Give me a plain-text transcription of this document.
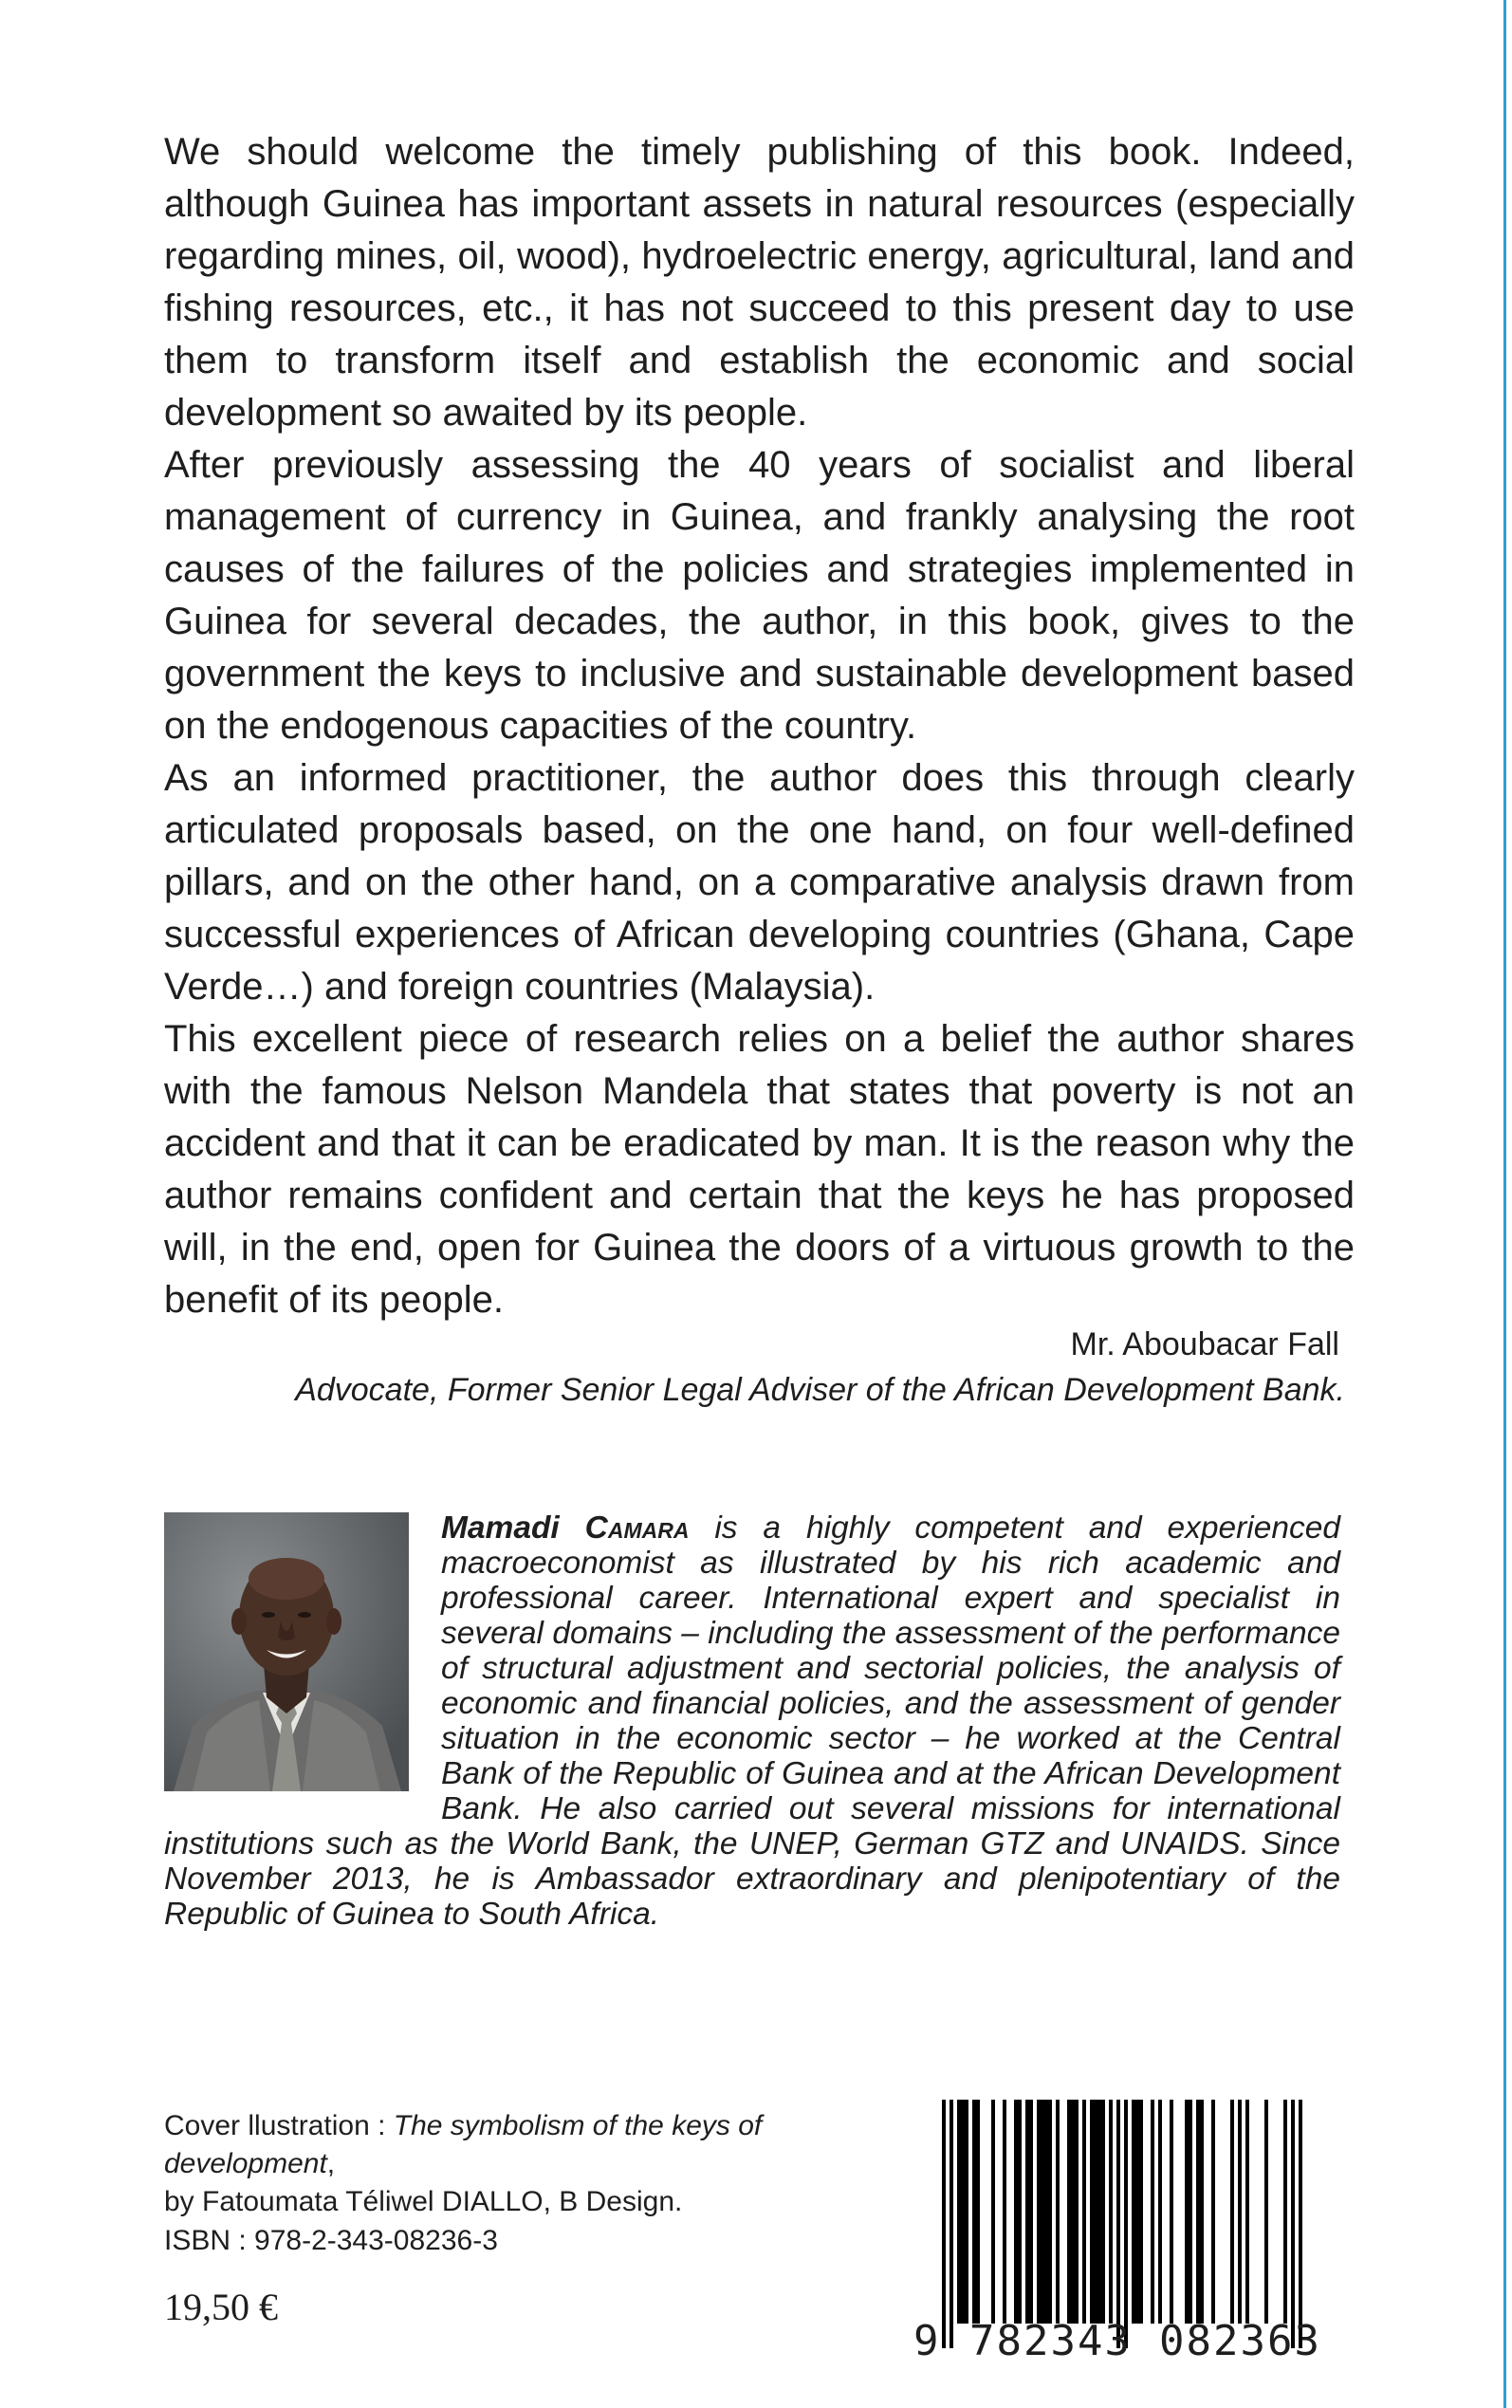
We should welcome the timely publishing of this book. Indeed, although Guinea has important assets in natural resources (especially regarding mines, oil, wood), hydroelectric energy, agricultural, land and fishing resources, etc., it has not succeed to this present day to use them to transform itself and establish the economic and social development so awaited by its people.

After previously assessing the 40 years of socialist and liberal management of currency in Guinea, and frankly analysing the root causes of the failures of the policies and strategies implemented in Guinea for several decades, the author, in this book, gives to the government the keys to inclusive and sustainable development based on the endogenous capacities of the country.

As an informed practitioner, the author does this through clearly articulated proposals based, on the one hand, on four well-defined pillars, and on the other hand, on a comparative analysis drawn from successful experiences of African developing countries (Ghana, Cape Verde…) and foreign countries (Malaysia).

This excellent piece of research relies on a belief the author shares with the famous Nelson Mandela that states that poverty is not an accident and that it can be eradicated by man. It is the reason why the author remains confident and certain that the keys he has proposed will, in the end, open for Guinea the doors of a virtuous growth to the benefit of its people.

Mr. Aboubacar Fall
Advocate, Former Senior Legal Adviser of the African Development Bank.

Mamadi Camara is a highly competent and experienced macroeconomist as illustrated by his rich academic and professional career. International expert and specialist in several domains – including the assessment of the performance of structural adjustment and sectorial policies, the analysis of economic and financial policies, and the assessment of gender situation in the economic sector – he worked at the Central Bank of the Republic of Guinea and at the African Development Bank. He also carried out several missions for international institutions such as the World Bank, the UNEP, German GTZ and UNAIDS. Since November 2013, he is Ambassador extraordinary and plenipotentiary of the Republic of Guinea to South Africa.

Cover llustration : The symbolism of the keys of development,
by Fatoumata Téliwel DIALLO, B Design.
ISBN : 978-2-343-08236-3
19,50 €
9 782343 082363
